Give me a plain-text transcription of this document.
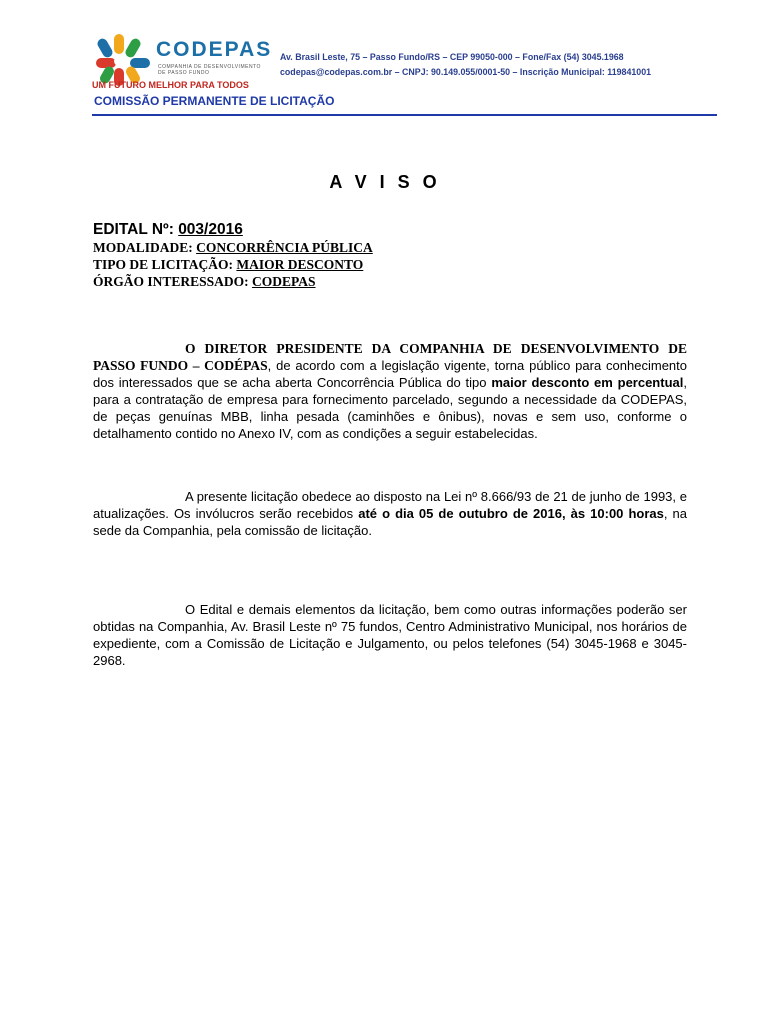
CODEPAS
COMPANHIA DE DESENVOLVIMENTO DE PASSO FUNDO
UM FUTURO MELHOR PARA TODOS
Av. Brasil Leste, 75 – Passo Fundo/RS – CEP 99050-000 – Fone/Fax (54) 3045.1968
codepas@codepas.com.br – CNPJ: 90.149.055/0001-50 – Inscrição Municipal: 119841001
COMISSÃO PERMANENTE DE LICITAÇÃO
A V I S O
EDITAL Nº: 003/2016
MODALIDADE: CONCORRÊNCIA PÚBLICA
TIPO DE LICITAÇÃO: MAIOR DESCONTO
ÓRGÃO INTERESSADO: CODEPAS
O DIRETOR PRESIDENTE DA COMPANHIA DE DESENVOLVIMENTO DE PASSO FUNDO – CODÉPAS, de acordo com a legislação vigente, torna público para conhecimento dos interessados que se acha aberta Concorrência Pública do tipo maior desconto em percentual, para a contratação de empresa para fornecimento parcelado, segundo a necessidade da CODEPAS, de peças genuínas MBB, linha pesada (caminhões e ônibus), novas e sem uso, conforme o detalhamento contido no Anexo IV, com as condições a seguir estabelecidas.
A presente licitação obedece ao disposto na Lei nº 8.666/93 de 21 de junho de 1993, e atualizações. Os invólucros serão recebidos até o dia 05 de outubro de 2016, às 10:00 horas, na sede da Companhia, pela comissão de licitação.
O Edital e demais elementos da licitação, bem como outras informações poderão ser obtidas na Companhia, Av. Brasil Leste nº 75 fundos, Centro Administrativo Municipal, nos horários de expediente, com a Comissão de Licitação e Julgamento, ou pelos telefones (54) 3045-1968 e 3045-2968.
